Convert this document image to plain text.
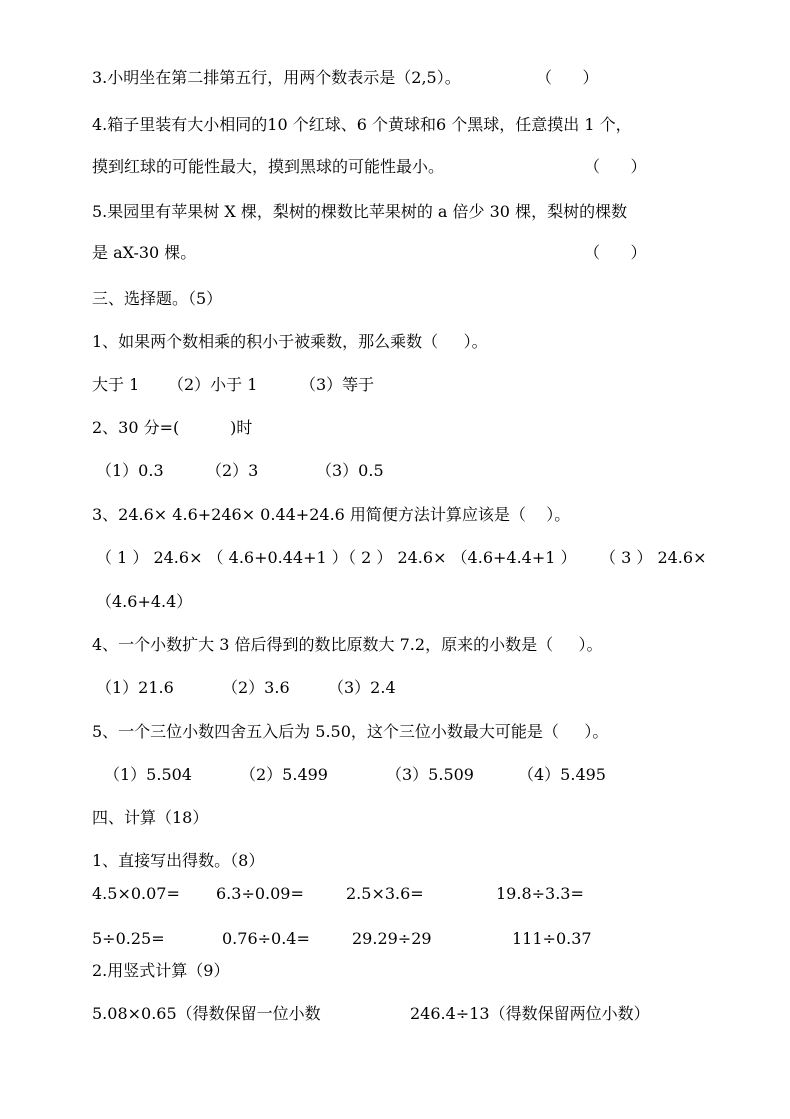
3.小明坐在第二排第五行，用两个数表示是（2,5）。	（      ）
4.箱子里装有大小相同的10 个红球、6 个黄球和6 个黑球，任意摸出 1 个，
摸到红球的可能性最大，摸到黑球的可能性最小。	（      ）
5.果园里有苹果树 X 棵，梨树的棵数比苹果树的 a 倍少 30 棵，梨树的棵数
是 aX-30 棵。	（      ）
三、选择题。（5）
1、如果两个数相乘的积小于被乘数，那么乘数（     ）。
大于 1 （2）小于 1	（3）等于
2、30 分=(          )时
（1）0.3	（2）3	（3）0.5
3、24.6× 4.6+246× 0.44+24.6 用简便方法计算应该是（    ）。
（ 1 ） 24.6× （ 4.6+0.44+1 ）
（ 2 ） 24.6× （4.6+4.4+1 ） （ 3 ） 24.6×
（4.6+4.4）
4、一个小数扩大 3 倍后得到的数比原数大 7.2，原来的小数是（     ）。
（1）21.6	（2）3.6 （3）2.4
5、一个三位小数四舍五入后为 5.50，这个三位小数最大可能是（     ）。
（1）5.504	（2）5.499	（3）5.509	（4）5.495
四、计算（18）
1、直接写出得数。（8）
4.5×0.07= 6.3÷0.09=	2.5×3.6=	19.8÷3.3=
5÷0.25=	0.76÷0.4=	29.29÷29	111÷0.37
2.用竖式计算（9）
5.08×0.65（得数保留一位小数	246.4÷13（得数保留两位小数）
